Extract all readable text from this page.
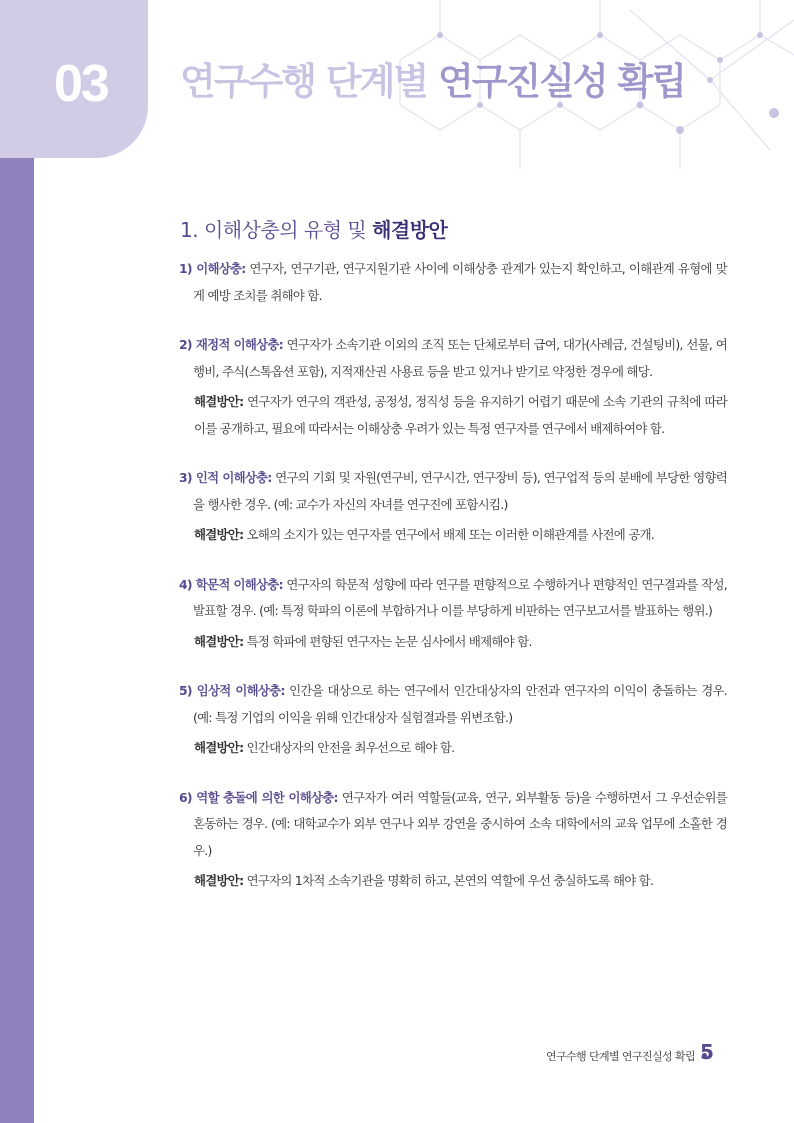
03 연구수행 단계별 연구진실성 확립
1. 이해상충의 유형 및 해결방안

1) 이해상충: 연구자, 연구기관, 연구지원기관 사이에 이해상충 관계가 있는지 확인하고, 이해관계 유형에 맞게 예방 조치를 취해야 함.

2) 재정적 이해상충: 연구자가 소속기관 이외의 조직 또는 단체로부터 급여, 대가(사례금, 건설팅비), 선물, 여행비, 주식(스톡옵션 포함), 지적재산권 사용료 등을 받고 있거나 받기로 약정한 경우에 해당.

해결방안: 연구자가 연구의 객관성, 공정성, 정직성 등을 유지하기 어렵기 때문에 소속 기관의 규칙에 따라 이를 공개하고, 필요에 따라서는 이해상충 우려가 있는 특정 연구자를 연구에서 배제하여야 함.

3) 인적 이해상충: 연구의 기회 및 자원(연구비, 연구시간, 연구장비 등), 연구업적 등의 분배에 부당한 영향력을 행사한 경우. (예: 교수가 자신의 자녀를 연구진에 포함시킴.)

해결방안: 오해의 소지가 있는 연구자를 연구에서 배제 또는 이러한 이해관계를 사전에 공개.

4) 학문적 이해상충: 연구자의 학문적 성향에 따라 연구를 편향적으로 수행하거나 편향적인 연구결과를 작성, 발표할 경우. (예: 특정 학파의 이론에 부합하거나 이를 부당하게 비판하는 연구보고서를 발표하는 행위.)

해결방안: 특정 학파에 편향된 연구자는 논문 심사에서 배제해야 함.

5) 임상적 이해상충: 인간을 대상으로 하는 연구에서 인간대상자의 안전과 연구자의 이익이 충돌하는 경우. (예: 특정 기업의 이익을 위해 인간대상자 실험결과를 위변조함.)

해결방안: 인간대상자의 안전을 최우선으로 해야 함.

6) 역할 충돌에 의한 이해상충: 연구자가 여러 역할들(교육, 연구, 외부활동 등)을 수행하면서 그 우선순위를 혼동하는 경우. (예: 대학교수가 외부 연구나 외부 강연을 중시하여 소속 대학에서의 교육 업무에 소홀한 경우.)

해결방안: 연구자의 1차적 소속기관을 명확히 하고, 본연의 역할에 우선 충실하도록 해야 함.

연구수행 단계별 연구진실성 확립 5
